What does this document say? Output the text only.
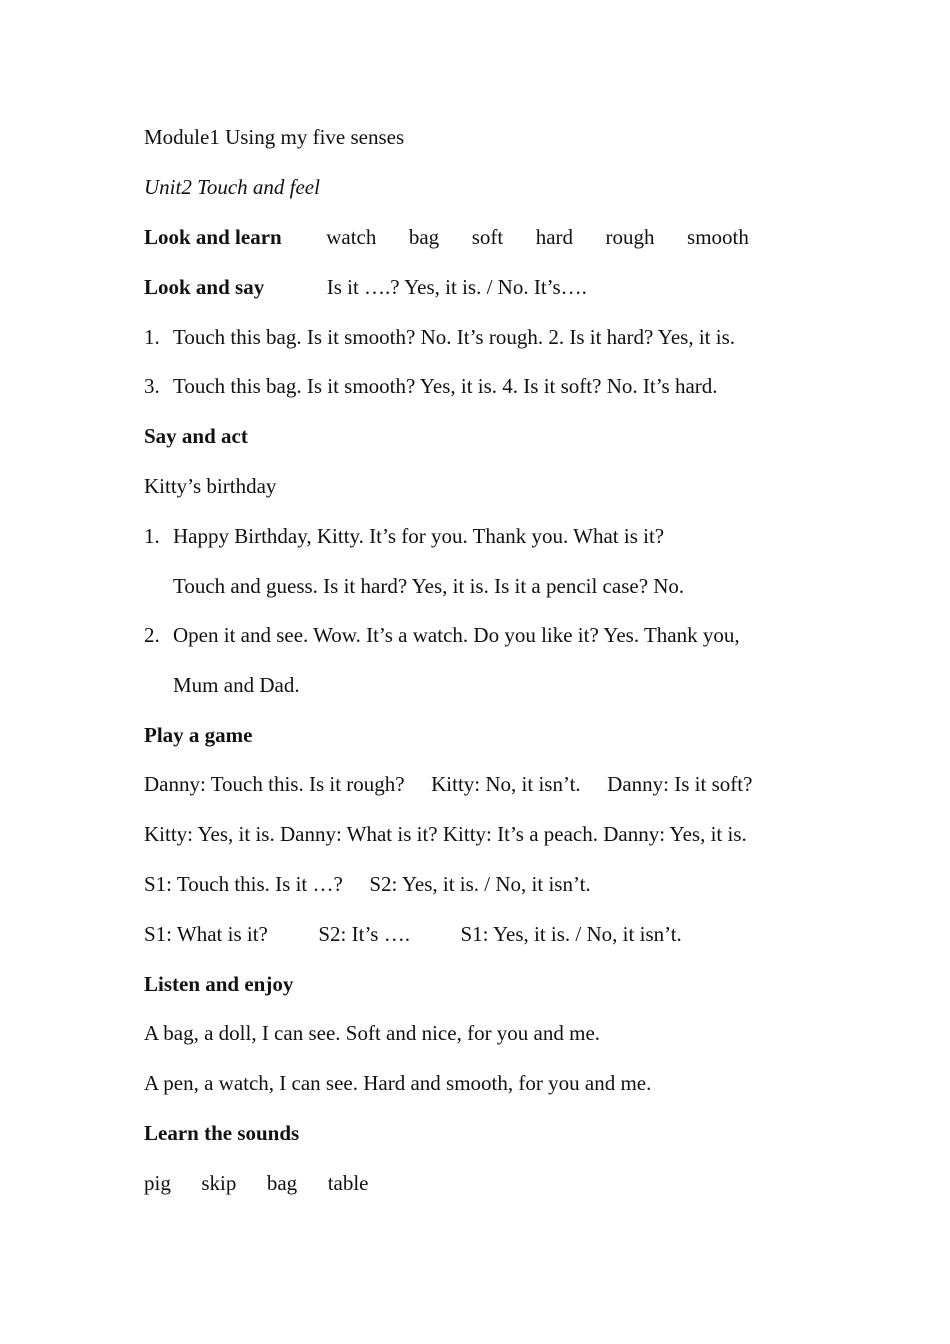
Module1 Using my five senses
Unit2 Touch and feel
Look and learn watch bag soft hard rough smooth
Look and say	Is it ….? Yes, it is. / No. It’s….
1. Touch this bag. Is it smooth? No. It’s rough. 2. Is it hard? Yes, it is.
3. Touch this bag. Is it smooth? Yes, it is. 4. Is it soft? No. It’s hard.
Say and act
Kitty’s birthday
1. Happy Birthday, Kitty. It’s for you. Thank you. What is it?
Touch and guess. Is it hard? Yes, it is. Is it a pencil case? No.
2. Open it and see. Wow. It’s a watch. Do you like it? Yes. Thank you,
Mum and Dad.
Play a game
Danny: Touch this. Is it rough? Kitty: No, it isn’t. Danny: Is it soft?
Kitty: Yes, it is. Danny: What is it? Kitty: It’s a peach. Danny: Yes, it is.
S1: Touch this. Is it …? S2: Yes, it is. / No, it isn’t.
S1: What is it? S2: It’s …. S1: Yes, it is. / No, it isn’t.
Listen and enjoy
A bag, a doll, I can see. Soft and nice, for you and me.
A pen, a watch, I can see. Hard and smooth, for you and me.
Learn the sounds
pig skip bag table
